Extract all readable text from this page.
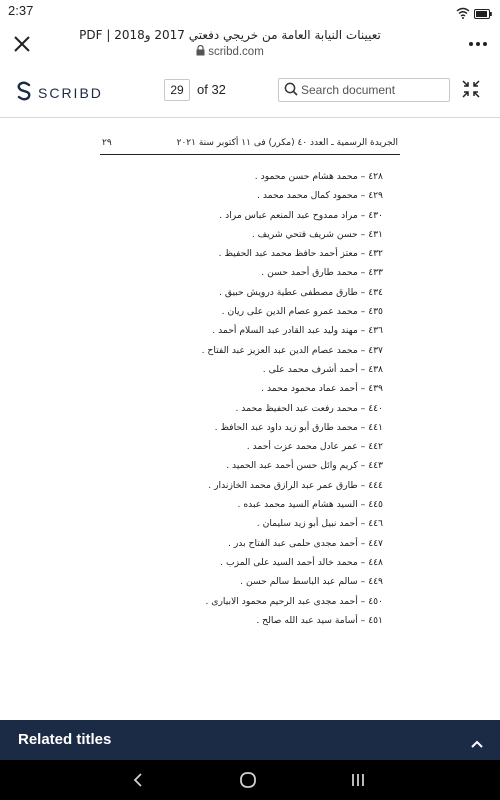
2:37
تعيينات النيابة العامة من خريجي دفعتي 2017 و2018 | PDF
scribd.com
SCRIBD	29	of 32	Search document
٢٩	الجريدة الرسمية ـ العدد ٤٠ (مكرر) فى ١١ أكتوبر سنة ٢٠٢١
٤٢٨ – محمد هشام حسن محمود .
٤٢٩ – محمود كمال محمد محمد .
٤٣٠ – مراد ممدوح عبد المنعم عباس مراد .
٤٣١ – حسن شريف فتحي شريف .
٤٣٢ – معتز أحمد حافظ محمد عبد الحفيظ .
٤٣٣ – محمد طارق أحمد حسن .
٤٣٤ – طارق مصطفى عطية درويش حبيق .
٤٣٥ – محمد عمرو عصام الدين على ريان .
٤٣٦ – مهند وليد عبد القادر عبد السلام أحمد .
٤٣٧ – محمد عصام الدين عبد العزيز عبد الفتاح .
٤٣٨ – أحمد أشرف محمد على .
٤٣٩ – أحمد عماد محمود محمد .
٤٤٠ – محمد رفعت عبد الحفيظ محمد .
٤٤١ – محمد طارق أبو زيد داود عبد الحافظ .
٤٤٢ – عمر عادل محمد عزت أحمد .
٤٤٣ – كريم وائل حسن أحمد عبد الحميد .
٤٤٤ – طارق عمر عبد الرازق محمد الخازندار .
٤٤٥ – السيد هشام السيد محمد عبده .
٤٤٦ – أحمد نبيل أبو زيد سليمان .
٤٤٧ – أحمد مجدى حلمى عبد الفتاح بدر .
٤٤٨ – محمد خالد أحمد السيد على المزب .
٤٤٩ – سالم عبد الباسط سالم حسن .
٤٥٠ – أحمد مجدى عبد الرحيم محمود الابيارى .
٤٥١ – أسامة سيد عبد الله صالح .
Related titles
